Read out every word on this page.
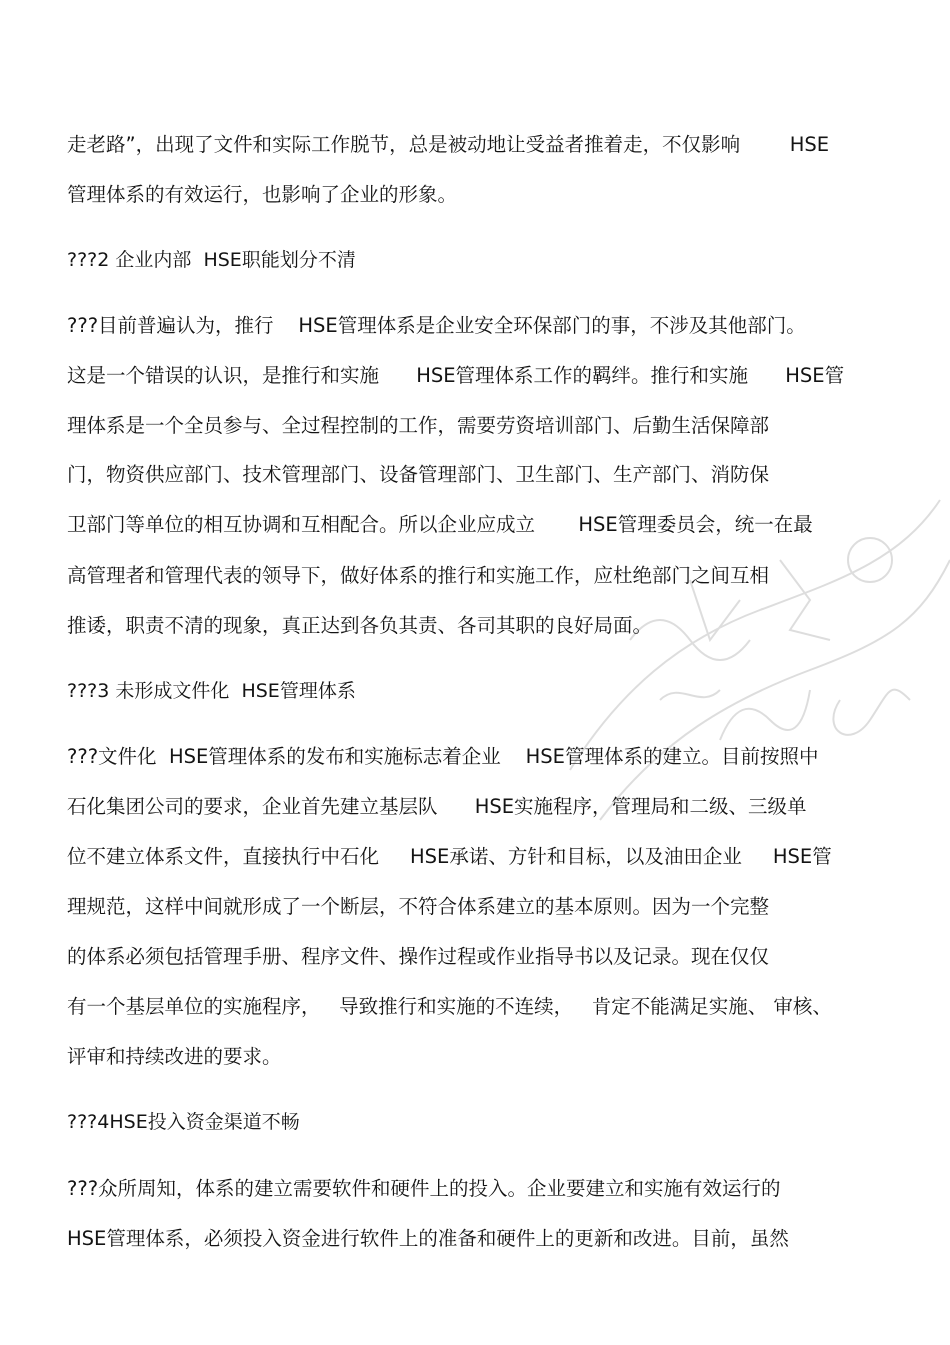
走老路”，出现了文件和实际工作脱节，总是被动地让受益者推着走，不仅影响        HSE

管理体系的有效运行，也影响了企业的形象。

???2 企业内部  HSE职能划分不清

???目前普遍认为，推行    HSE管理体系是企业安全环保部门的事，不涉及其他部门。

这是一个错误的认识，是推行和实施      HSE管理体系工作的羁绊。推行和实施      HSE管

理体系是一个全员参与、全过程控制的工作，需要劳资培训部门、后勤生活保障部

门，物资供应部门、技术管理部门、设备管理部门、卫生部门、生产部门、消防保

卫部门等单位的相互协调和互相配合。所以企业应成立       HSE管理委员会，统一在最

高管理者和管理代表的领导下，做好体系的推行和实施工作，应杜绝部门之间互相

推诿，职责不清的现象，真正达到各负其责、各司其职的良好局面。

???3 未形成文件化  HSE管理体系

???文件化  HSE管理体系的发布和实施标志着企业    HSE管理体系的建立。目前按照中

石化集团公司的要求，企业首先建立基层队      HSE实施程序，管理局和二级、三级单

位不建立体系文件，直接执行中石化     HSE承诺、方针和目标，以及油田企业     HSE管

理规范，这样中间就形成了一个断层，不符合体系建立的基本原则。因为一个完整

的体系必须包括管理手册、程序文件、操作过程或作业指导书以及记录。现在仅仅

有一个基层单位的实施程序，   导致推行和实施的不连续，   肯定不能满足实施、 审核、

评审和持续改进的要求。

???4HSE投入资金渠道不畅

???众所周知，体系的建立需要软件和硬件上的投入。企业要建立和实施有效运行的

HSE管理体系，必须投入资金进行软件上的准备和硬件上的更新和改进。目前，虽然
